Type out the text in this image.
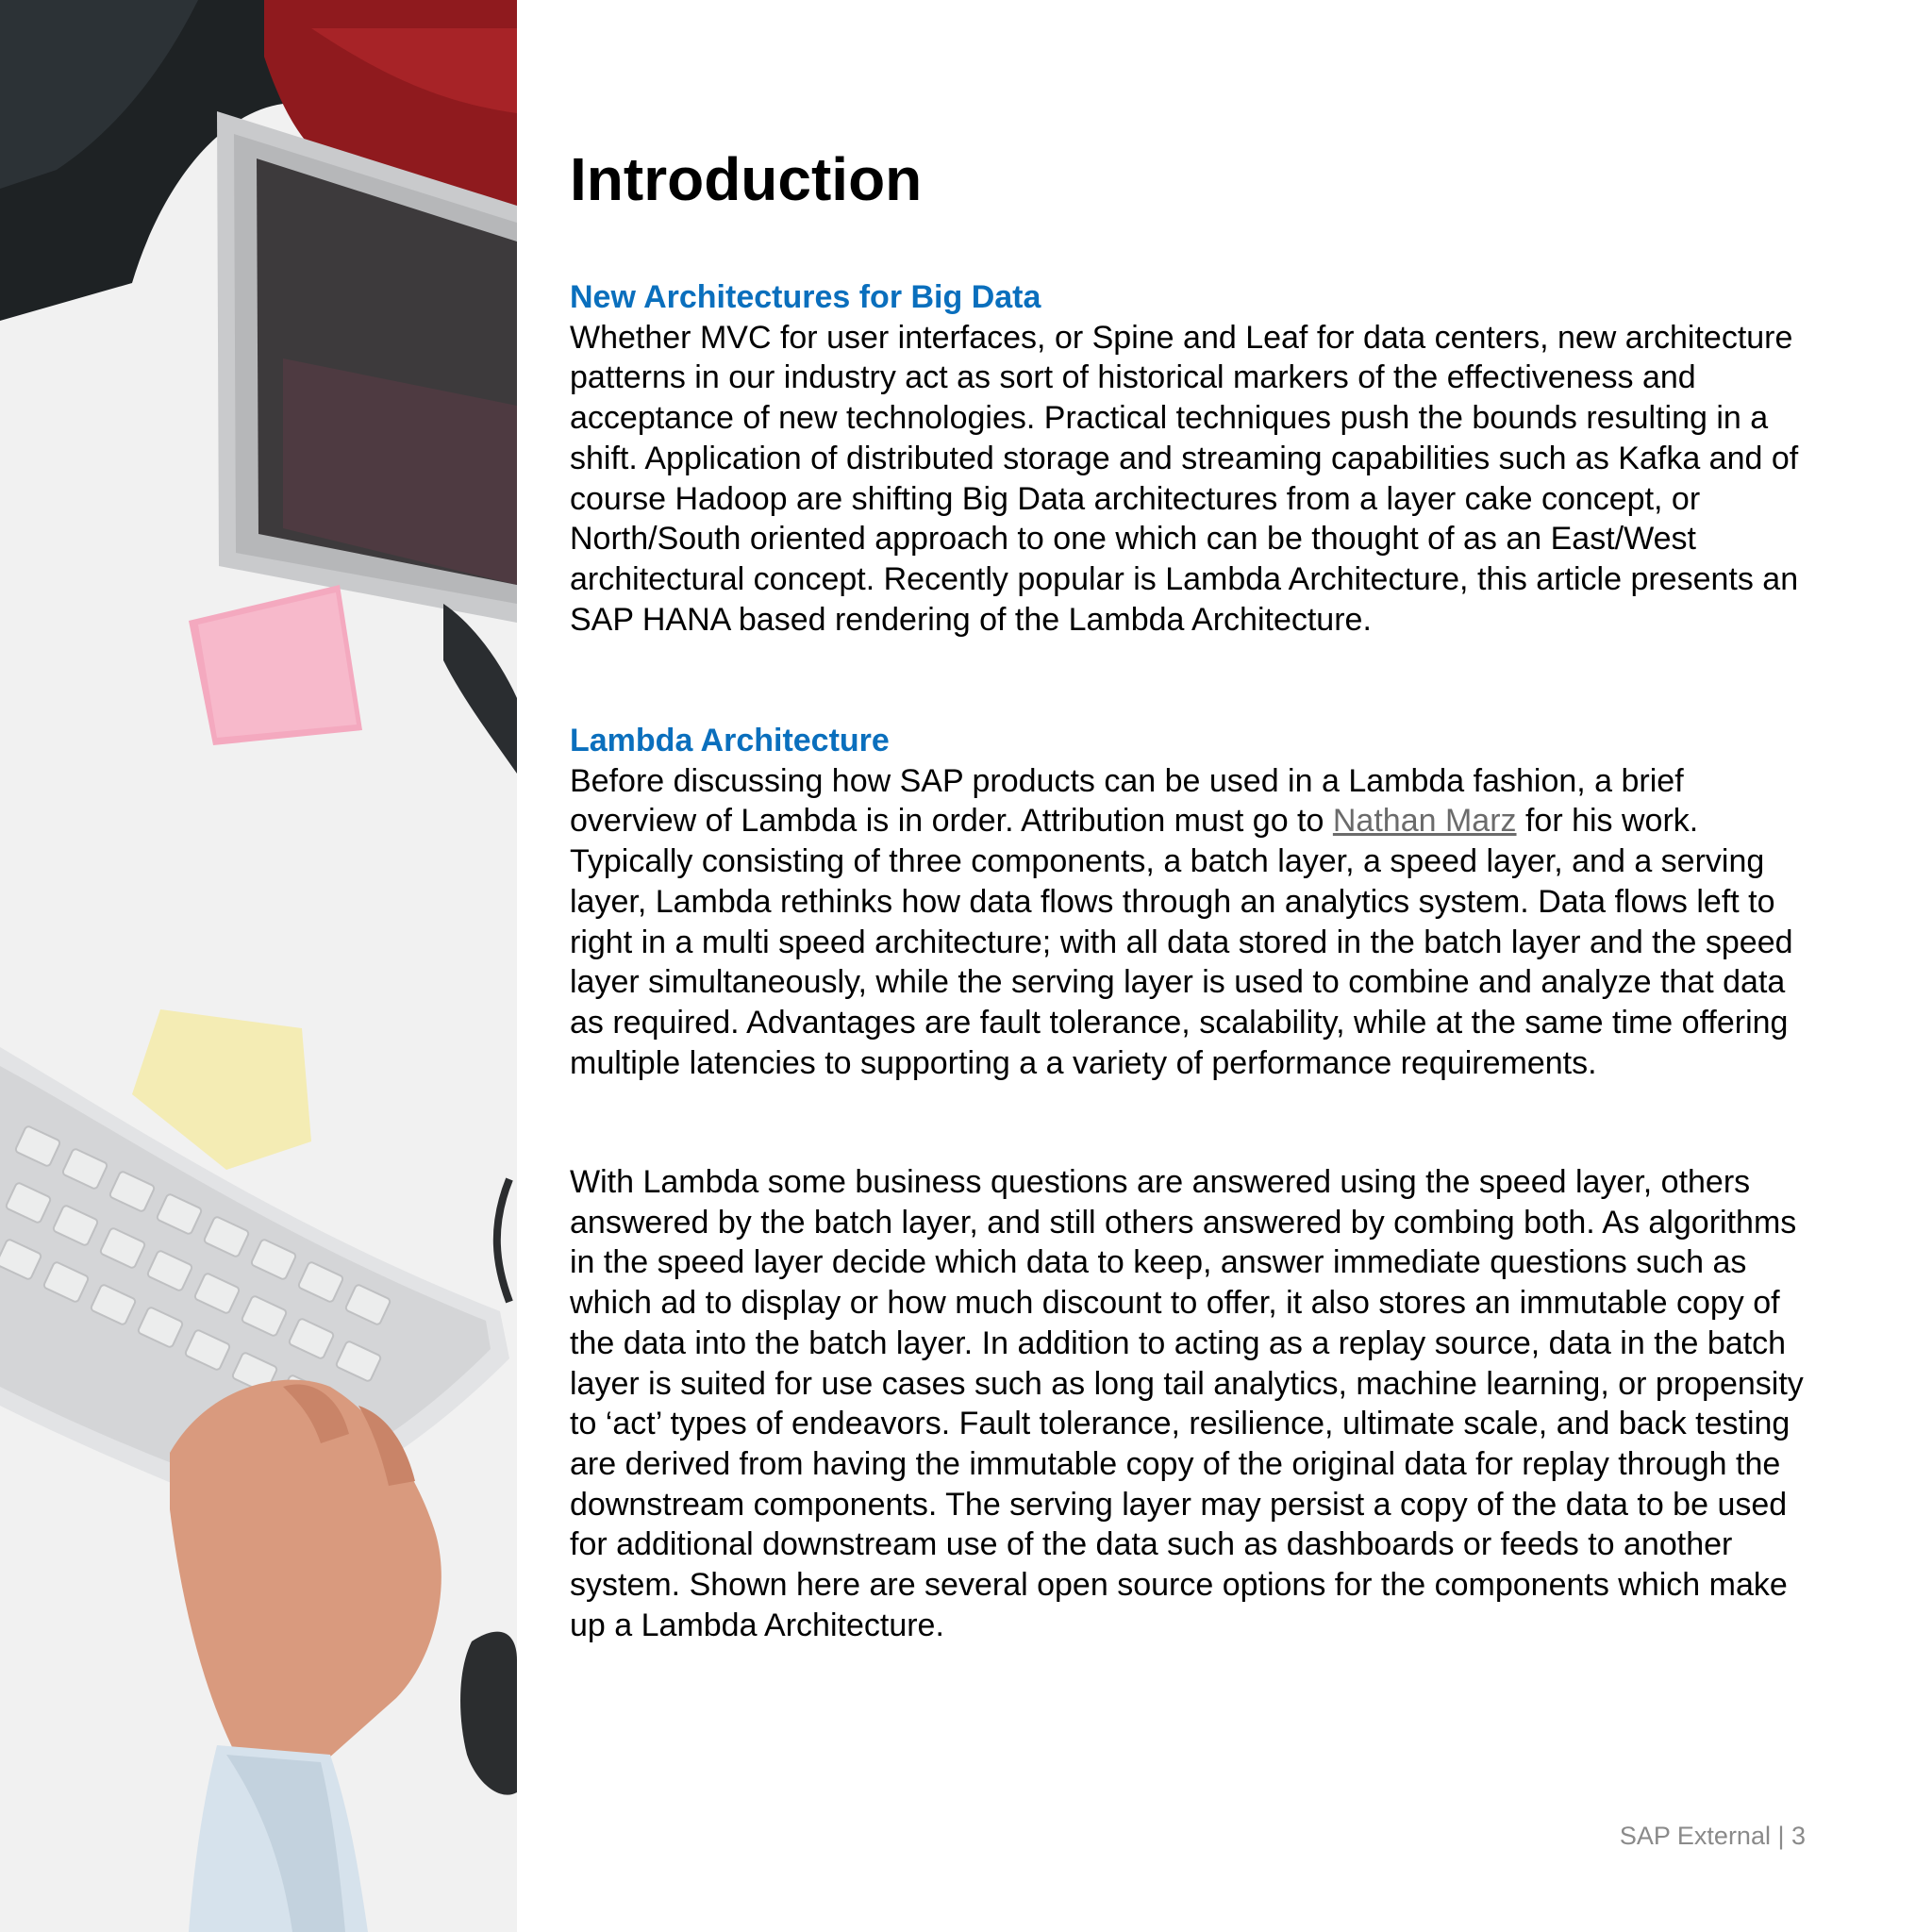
Introduction
New Architectures for Big Data

Whether MVC for user interfaces, or Spine and Leaf for data centers, new architecture patterns in our industry act as sort of historical markers of the effectiveness and acceptance of new technologies. Practical techniques push the bounds resulting in a shift. Application of distributed storage and streaming capabilities such as Kafka and of course Hadoop are shifting Big Data architectures from a layer cake concept, or North/South oriented approach to one which can be thought of as an East/West architectural concept. Recently popular is Lambda Architecture, this article presents an SAP HANA based rendering of the Lambda Architecture.

Lambda Architecture

Before discussing how SAP products can be used in a Lambda fashion, a brief overview of Lambda is in order. Attribution must go to Nathan Marz for his work. Typically consisting of three components, a batch layer, a speed layer, and a serving layer, Lambda rethinks how data flows through an analytics system. Data flows left to right in a multi speed architecture; with all data stored in the batch layer and the speed layer simultaneously, while the serving layer is used to combine and analyze that data as required. Advantages are fault tolerance, scalability, while at the same time offering multiple latencies to supporting a a variety of performance requirements.

With Lambda some business questions are answered using the speed layer, others answered by the batch layer, and still others answered by combing both. As algorithms in the speed layer decide which data to keep, answer immediate questions such as which ad to display or how much discount to offer, it also stores an immutable copy of the data into the batch layer. In addition to acting as a replay source, data in the batch layer is suited for use cases such as long tail analytics, machine learning, or propensity to ‘act’ types of endeavors. Fault tolerance, resilience, ultimate scale, and back testing are derived from having the immutable copy of the original data for replay through the downstream components. The serving layer may persist a copy of the data to be used for additional downstream use of the data such as dashboards or feeds to another system. Shown here are several open source options for the components which make up a Lambda Architecture.

SAP External | 3
